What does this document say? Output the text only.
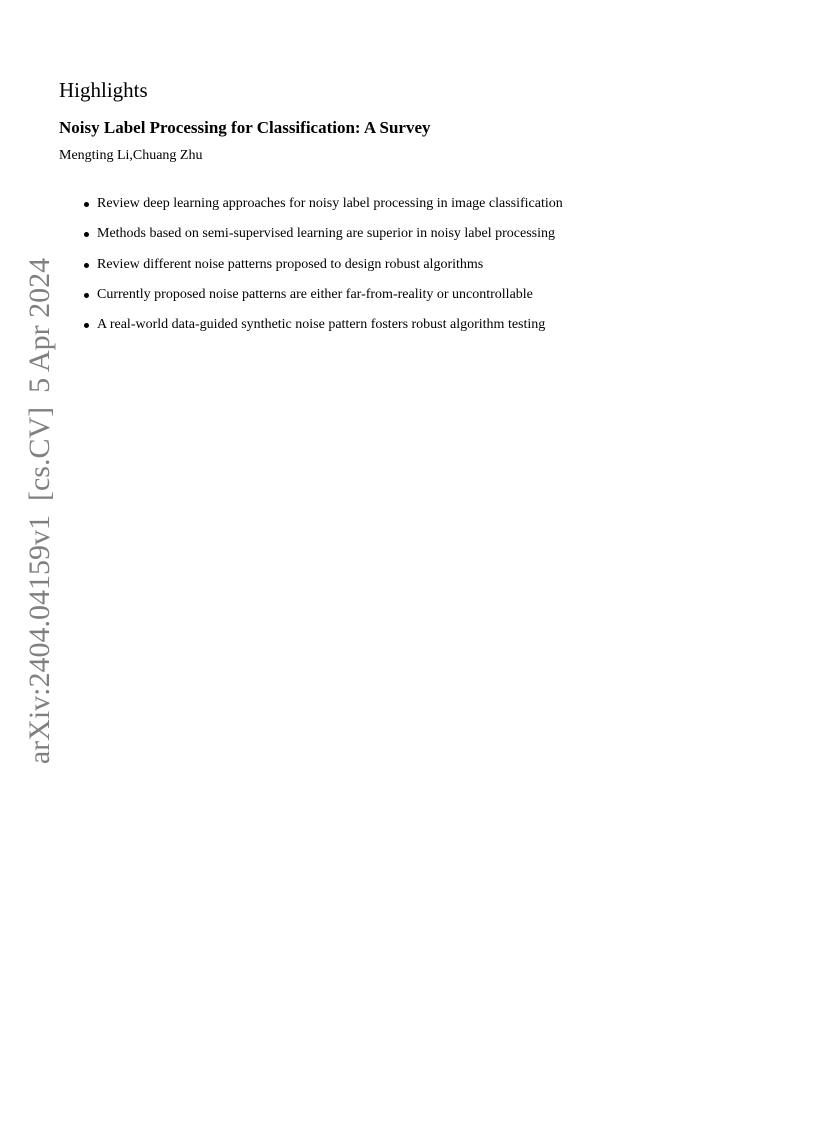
Highlights
Noisy Label Processing for Classification: A Survey

Mengting Li,Chuang Zhu

Review deep learning approaches for noisy label processing in image classification
Methods based on semi-supervised learning are superior in noisy label processing
Review different noise patterns proposed to design robust algorithms
Currently proposed noise patterns are either far-from-reality or uncontrollable
A real-world data-guided synthetic noise pattern fosters robust algorithm testing
arXiv:2404.04159v1[cs.CV]5 Apr 2024
